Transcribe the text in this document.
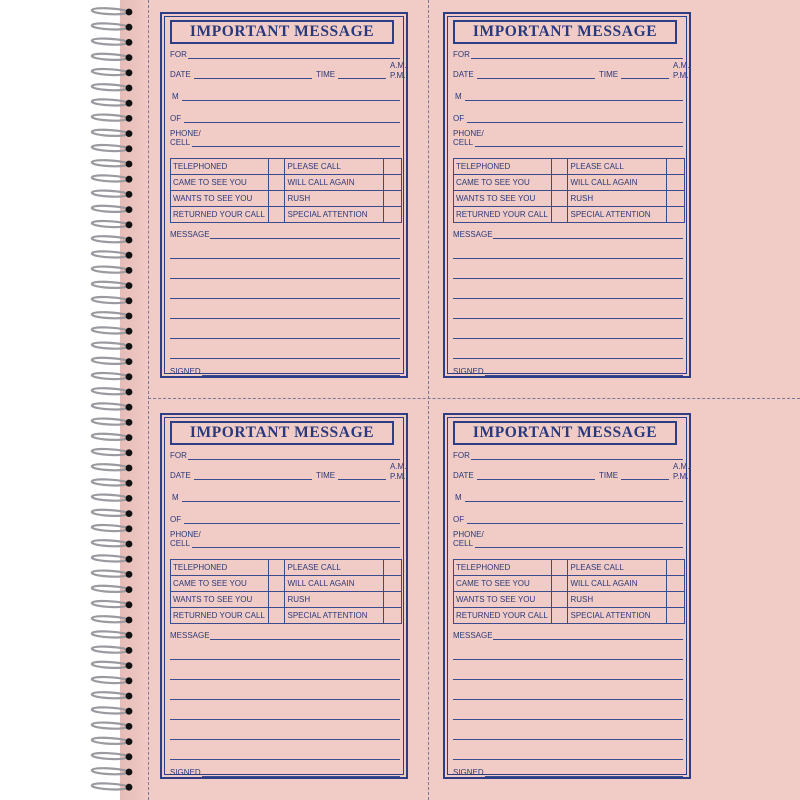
IMPORTANT MESSAGE
FOR
DATE	TIME
A.M.
P.M.
M
OF
PHONE/
CELL
TELEPHONED		PLEASE CALL	
CAME TO SEE YOU		WILL CALL AGAIN	
WANTS TO SEE YOU		RUSH	
RETURNED YOUR CALL		SPECIAL ATTENTION	
MESSAGE
SIGNED
IMPORTANT MESSAGE
FOR
DATE	TIME
A.M.
P.M.
M
OF
PHONE/
CELL
TELEPHONED		PLEASE CALL	
CAME TO SEE YOU		WILL CALL AGAIN	
WANTS TO SEE YOU		RUSH	
RETURNED YOUR CALL		SPECIAL ATTENTION	
MESSAGE
SIGNED
IMPORTANT MESSAGE
FOR
DATE	TIME
A.M.
P.M.
M
OF
PHONE/
CELL
TELEPHONED		PLEASE CALL	
CAME TO SEE YOU		WILL CALL AGAIN	
WANTS TO SEE YOU		RUSH	
RETURNED YOUR CALL		SPECIAL ATTENTION	
MESSAGE
SIGNED
IMPORTANT MESSAGE
FOR
DATE	TIME
A.M.
P.M.
M
OF
PHONE/
CELL
TELEPHONED		PLEASE CALL	
CAME TO SEE YOU		WILL CALL AGAIN	
WANTS TO SEE YOU		RUSH	
RETURNED YOUR CALL		SPECIAL ATTENTION	
MESSAGE
SIGNED
